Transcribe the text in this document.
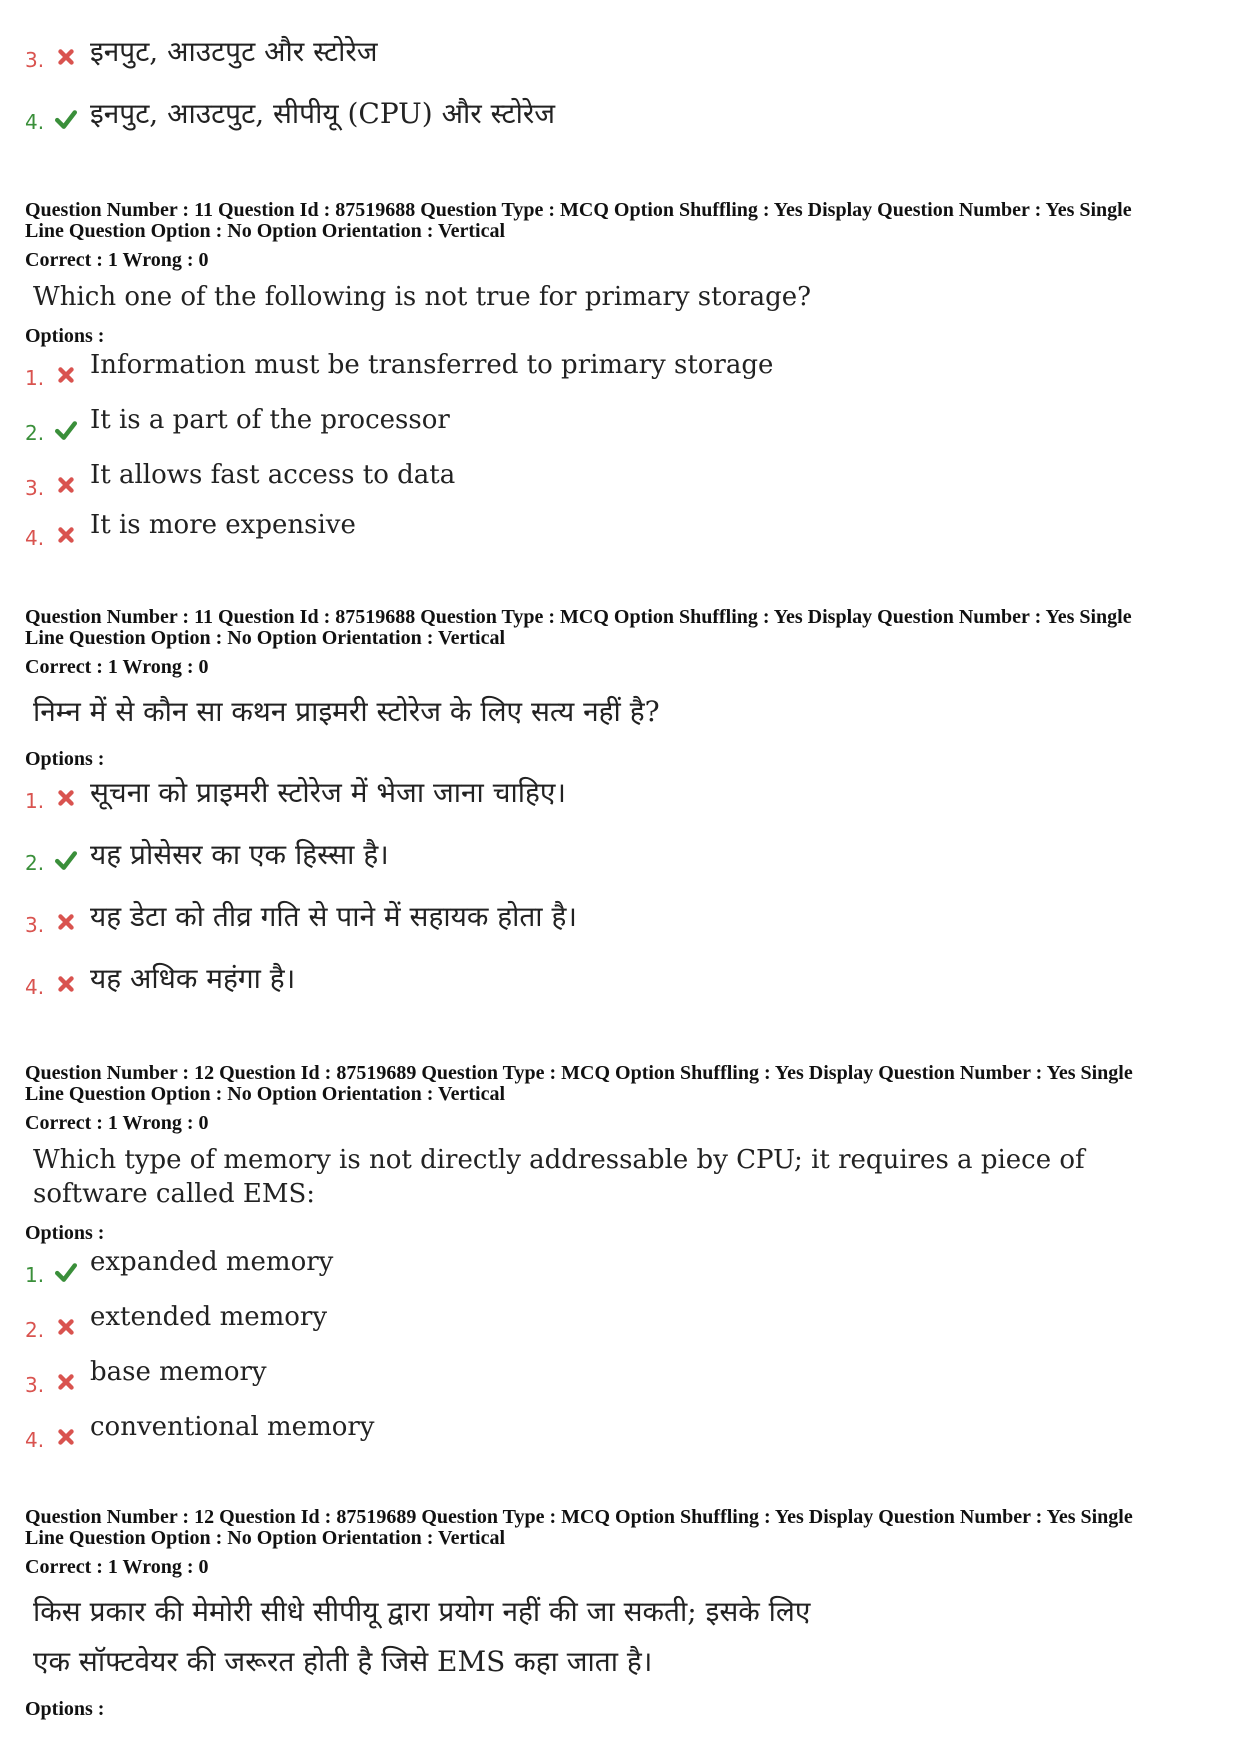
3. इनपुट, आउटपुट और स्टोरेज
4. इनपुट, आउटपुट, सीपीयू (CPU) और स्टोरेज

Question Number : 11 Question Id : 87519688 Question Type : MCQ Option Shuffling : Yes Display Question Number : Yes Single

Line Question Option : No Option Orientation : Vertical

Correct : 1 Wrong : 0
Which one of the following is not true for primary storage?
Options :
1. Information must be transferred to primary storage
2. It is a part of the processor
3. It allows fast access to data
4. It is more expensive

Question Number : 11 Question Id : 87519688 Question Type : MCQ Option Shuffling : Yes Display Question Number : Yes Single

Line Question Option : No Option Orientation : Vertical

Correct : 1 Wrong : 0
निम्न में से कौन सा कथन प्राइमरी स्टोरेज के लिए सत्य नहीं है?
Options :
1. सूचना को प्राइमरी स्टोरेज में भेजा जाना चाहिए।
2. यह प्रोसेसर का एक हिस्सा है।
3. यह डेटा को तीव्र गति से पाने में सहायक होता है।
4. यह अधिक महंगा है।

Question Number : 12 Question Id : 87519689 Question Type : MCQ Option Shuffling : Yes Display Question Number : Yes Single

Line Question Option : No Option Orientation : Vertical

Correct : 1 Wrong : 0
Which type of memory is not directly addressable by CPU; it requires a piece of
software called EMS:
Options :
1. expanded memory
2. extended memory
3. base memory
4. conventional memory

Question Number : 12 Question Id : 87519689 Question Type : MCQ Option Shuffling : Yes Display Question Number : Yes Single

Line Question Option : No Option Orientation : Vertical

Correct : 1 Wrong : 0
किस प्रकार की मेमोरी सीधे सीपीयू द्वारा प्रयोग नहीं की जा सकती; इसके लिए
एक सॉफ्टवेयर की जरूरत होती है जिसे EMS कहा जाता है।
Options :
